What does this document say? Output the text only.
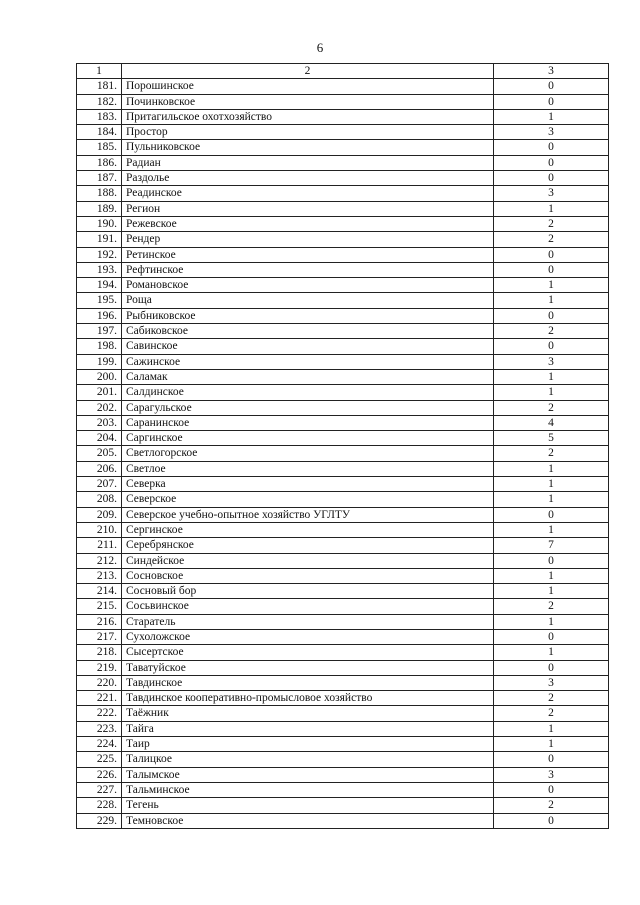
6
1	2	3
181.	Порошинское	0
182.	Починковское	0
183.	Притагильское охотхозяйство	1
184.	Простор	3
185.	Пульниковское	0
186.	Радиан	0
187.	Раздолье	0
188.	Реадинское	3
189.	Регион	1
190.	Режевское	2
191.	Рендер	2
192.	Ретинское	0
193.	Рефтинское	0
194.	Романовское	1
195.	Роща	1
196.	Рыбниковское	0
197.	Сабиковское	2
198.	Савинское	0
199.	Сажинское	3
200.	Саламак	1
201.	Салдинское	1
202.	Сарагульское	2
203.	Саранинское	4
204.	Саргинское	5
205.	Светлогорское	2
206.	Светлое	1
207.	Северка	1
208.	Северское	1
209.	Северское учебно-опытное хозяйство УГЛТУ	0
210.	Сергинское	1
211.	Серебрянское	7
212.	Синдейское	0
213.	Сосновское	1
214.	Сосновый бор	1
215.	Сосьвинское	2
216.	Старатель	1
217.	Сухоложское	0
218.	Сысертское	1
219.	Таватуйское	0
220.	Тавдинское	3
221.	Тавдинское кооперативно-промысловое хозяйство	2
222.	Таёжник	2
223.	Тайга	1
224.	Таир	1
225.	Талицкое	0
226.	Талымское	3
227.	Тальминское	0
228.	Тегень	2
229.	Темновское	0
